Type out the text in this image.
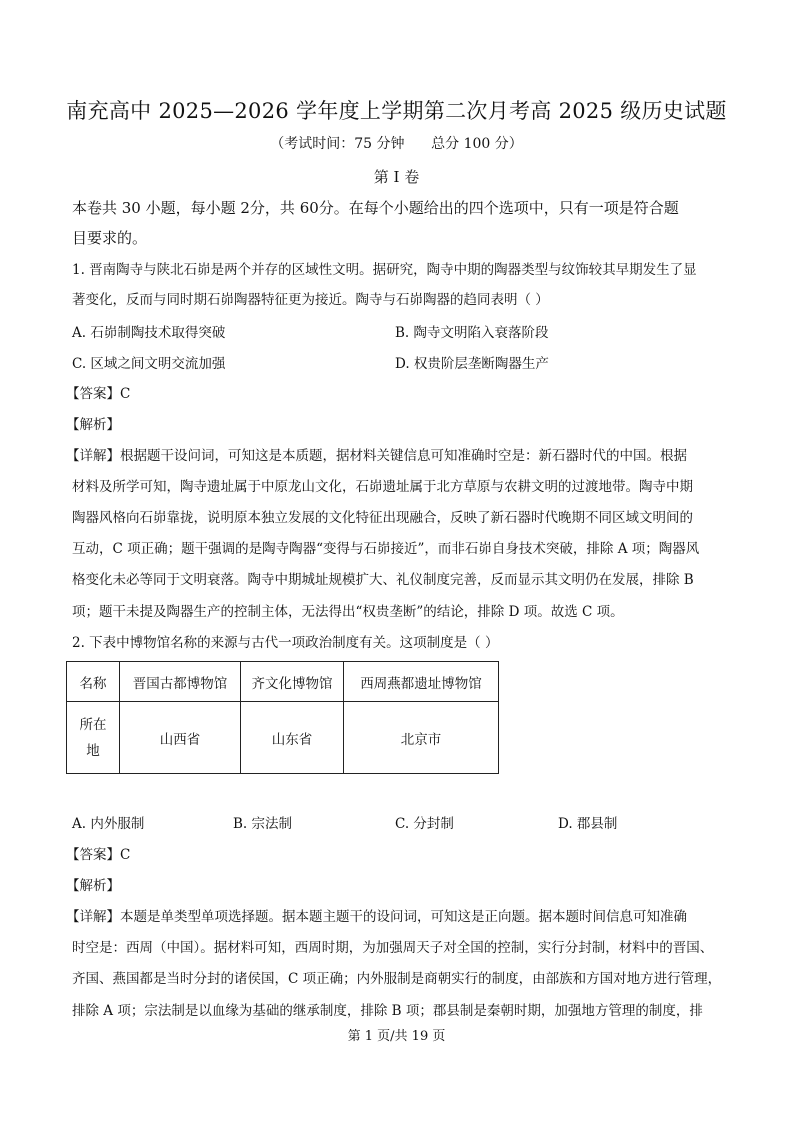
南充高中 2025—2026 学年度上学期第二次月考高 2025 级历史试题
（考试时间：75 分钟      总分 100 分）
第 I 卷
本卷共 30 小题，每小题 2分，共 60分。在每个小题给出的四个选项中，只有一项是符合题
目要求的。
1. 晋南陶寺与陕北石峁是两个并存的区域性文明。据研究，陶寺中期的陶器类型与纹饰较其早期发生了显
著变化，反而与同时期石峁陶器特征更为接近。陶寺与石峁陶器的趋同表明（ ）
A. 石峁制陶技术取得突破	B. 陶寺文明陷入衰落阶段
C. 区域之间文明交流加强	D. 权贵阶层垄断陶器生产
【答案】C
【解析】
【详解】根据题干设问词，可知这是本质题，据材料关键信息可知准确时空是：新石器时代的中国。根据
材料及所学可知，陶寺遗址属于中原龙山文化，石峁遗址属于北方草原与农耕文明的过渡地带。陶寺中期
陶器风格向石峁靠拢，说明原本独立发展的文化特征出现融合，反映了新石器时代晚期不同区域文明间的
互动，C 项正确；题干强调的是陶寺陶器“变得与石峁接近”，而非石峁自身技术突破，排除 A 项；陶器风
格变化未必等同于文明衰落。陶寺中期城址规模扩大、礼仪制度完善，反而显示其文明仍在发展，排除 B
项；题干未提及陶器生产的控制主体，无法得出“权贵垄断”的结论，排除 D 项。故选 C 项。
2. 下表中博物馆名称的来源与古代一项政治制度有关。这项制度是（ ）
名称	晋国古都博物馆	齐文化博物馆	西周燕都遗址博物馆

所在
地	山西省	山东省	北京市
A. 内外服制	B. 宗法制	C. 分封制	D. 郡县制
【答案】C
【解析】
【详解】本题是单类型单项选择题。据本题主题干的设问词，可知这是正向题。据本题时间信息可知准确
时空是：西周（中国）。据材料可知，西周时期，为加强周天子对全国的控制，实行分封制，材料中的晋国、
齐国、燕国都是当时分封的诸侯国，C 项正确；内外服制是商朝实行的制度，由部族和方国对地方进行管理，
排除 A 项；宗法制是以血缘为基础的继承制度，排除 B 项；郡县制是秦朝时期，加强地方管理的制度，排
第 1 页/共 19 页
